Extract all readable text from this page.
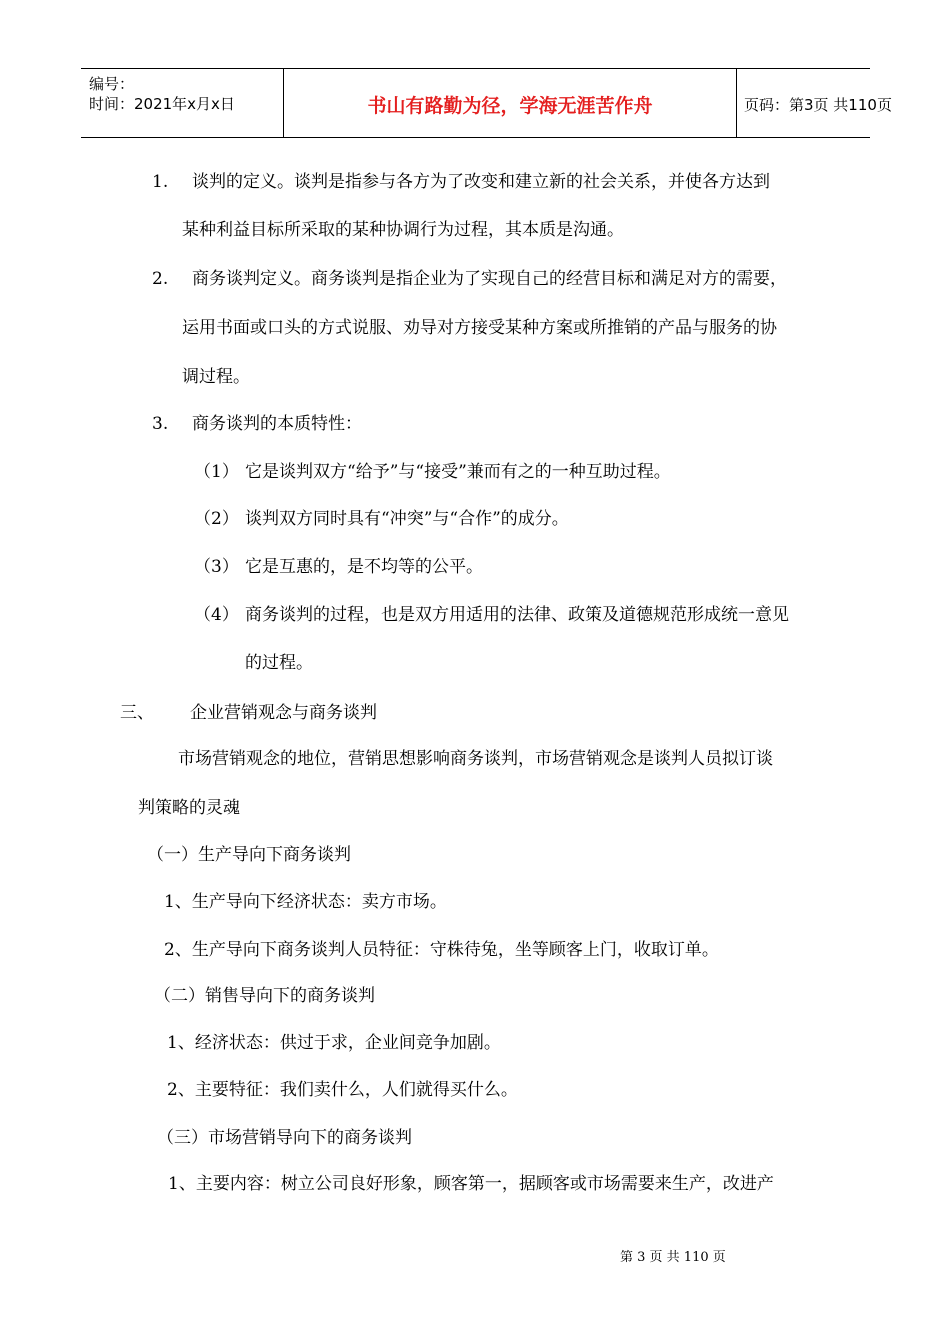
编号：
时间：2021年x月x日	书山有路勤为径，学海无涯苦作舟	页码：第3页 共110页
1. 谈判的定义。谈判是指参与各方为了改变和建立新的社会关系，并使各方达到
某种利益目标所采取的某种协调行为过程，其本质是沟通。
2. 商务谈判定义。商务谈判是指企业为了实现自己的经营目标和满足对方的需要，
运用书面或口头的方式说服、劝导对方接受某种方案或所推销的产品与服务的协
调过程。
3. 商务谈判的本质特性：
（1） 它是谈判双方“给予”与“接受”兼而有之的一种互助过程。
（2） 谈判双方同时具有“冲突”与“合作”的成分。
（3） 它是互惠的，是不均等的公平。
（4） 商务谈判的过程，也是双方用适用的法律、政策及道德规范形成统一意见
的过程。
三、 企业营销观念与商务谈判
市场营销观念的地位，营销思想影响商务谈判，市场营销观念是谈判人员拟订谈
判策略的灵魂
（一）生产导向下商务谈判
1、生产导向下经济状态：卖方市场。
2、生产导向下商务谈判人员特征：守株待兔，坐等顾客上门，收取订单。
（二）销售导向下的商务谈判
1、经济状态：供过于求，企业间竞争加剧。
2、主要特征：我们卖什么，人们就得买什么。
（三）市场营销导向下的商务谈判
1、主要内容：树立公司良好形象，顾客第一，据顾客或市场需要来生产，改进产
第 3 页 共 110 页
